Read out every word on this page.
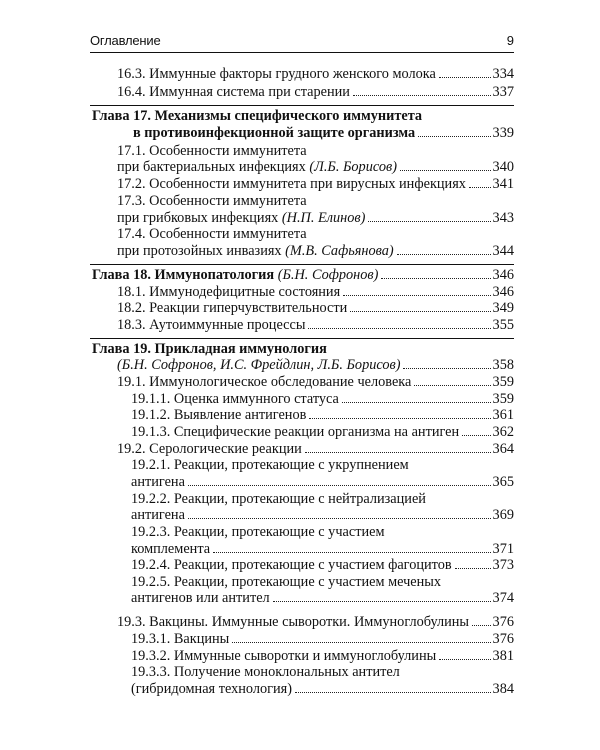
Оглавление	9
16.3. Иммунные факторы грудного женского молока	334
16.4. Иммунная система при старении	337
Глава 17. Механизмы специфического иммунитета
в противоинфекционной защите организма	339
17.1. Особенности иммунитета
при бактериальных инфекциях
(Л.Б. Борисов)	340
17.2. Особенности иммунитета при вирусных инфекциях 341
17.3. Особенности иммунитета
при грибковых инфекциях
(Н.П. Елинов)	343
17.4. Особенности иммунитета
при протозойных инвазиях
(М.В. Сафьянова)	344
Глава 18. Иммунопатология
(Б.Н. Софронов)	346
18.1. Иммунодефицитные состояния	346
18.2. Реакции гиперчувствительности	349
18.3. Аутоиммунные процессы	355
Глава 19. Прикладная иммунология
(Б.Н. Софронов, И.С. Фрейдлин, Л.Б. Борисов)	358
19.1. Иммунологическое обследование человека	359
19.1.1. Оценка иммунного статуса	359
19.1.2. Выявление антигенов	361
19.1.3. Специфические реакции организма на антиген 362
19.2. Серологические реакции	364
19.2.1. Реакции, протекающие с укрупнением
антигена	365
19.2.2. Реакции, протекающие с нейтрализацией
антигена	369
19.2.3. Реакции, протекающие с участием
комплемента	371
19.2.4. Реакции, протекающие с участием фагоцитов	373
19.2.5. Реакции, протекающие с участием меченых
антигенов или антител	374
19.3. Вакцины. Иммунные сыворотки. Иммуноглобулины 376
19.3.1. Вакцины	376
19.3.2. Иммунные сыворотки и иммуноглобулины	381
19.3.3. Получение моноклональных антител
(гибридомная технология)	384
